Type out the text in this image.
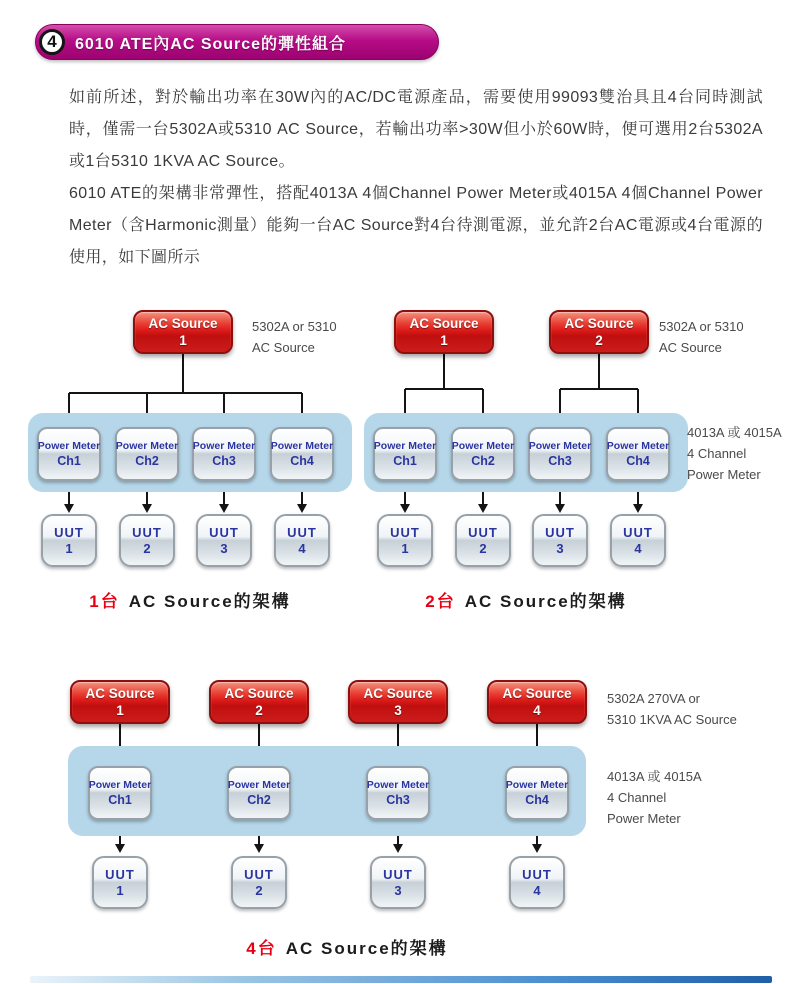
4	6010 ATE內AC Source的彈性組合
如前所述，對於輸出功率在30W內的AC/DC電源產品，需要使用99093雙治具且4台同時測試時，僅需一台5302A或5310 AC Source，若輸出功率>30W但小於60W時，便可選用2台5302A或1台5310 1KVA AC Source。
6010 ATE的架構非常彈性，搭配4013A 4個Channel Power Meter或4015A 4個Channel Power Meter（含Harmonic測量）能夠一台AC Source對4台待測電源，並允許2台AC電源或4台電源的使用，如下圖所示
AC Source
1
5302A or 5310
AC Source
Power Meter
Ch1
Power Meter
Ch2
Power Meter
Ch3
Power Meter
Ch4
UUT
1
UUT
2
UUT
3
UUT
4
1台 AC Source的架構
AC Source
1
AC Source
2
5302A or 5310
AC Source
Power Meter
Ch1
Power Meter
Ch2
Power Meter
Ch3
Power Meter
Ch4
4013A 或 4015A
4 Channel
Power Meter
UUT
1
UUT
2
UUT
3
UUT
4
2台 AC Source的架構
AC Source
1
AC Source
2
AC Source
3
AC Source
4
5302A 270VA or
5310 1KVA AC Source
Power Meter
Ch1
Power Meter
Ch2
Power Meter
Ch3
Power Meter
Ch4
4013A 或 4015A
4 Channel
Power Meter
UUT
1
UUT
2
UUT
3
UUT
4
4台 AC Source的架構
